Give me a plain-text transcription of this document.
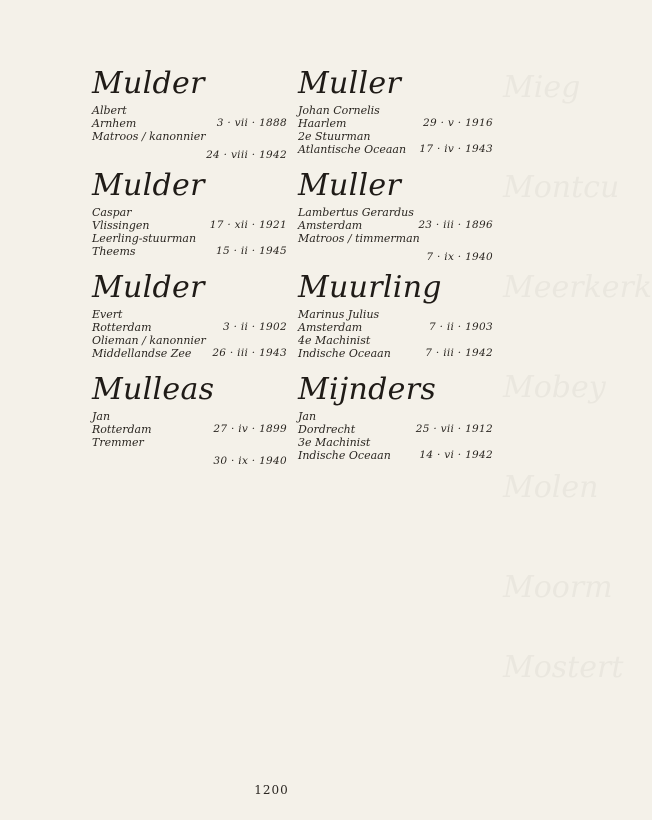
Mieg
Montcu
Meerkerk
Mobey
Molen
Moorm
Mostert
Mulder
Albert
Arnhem	3 · vii · 1888
Matroos / kanonnier
24 · viii · 1942
Mulder
Caspar
Vlissingen	17 · xii · 1921
Leerling-stuurman
Theems	15 · ii · 1945
Mulder
Evert
Rotterdam	3 · ii · 1902
Olieman / kanonnier
Middellandse Zee 26 · iii · 1943
Mulleas
Jan
Rotterdam	27 · iv · 1899
Tremmer
30 · ix · 1940
Muller
Johan Cornelis
Haarlem	29 · v · 1916
2e Stuurman
Atlantische Oceaan 17 · iv · 1943
Muller
Lambertus Gerardus
Amsterdam	23 · iii · 1896
Matroos / timmerman
7 · ix · 1940
Muurling
Marinus Julius
Amsterdam	7 · ii · 1903
4e Machinist
Indische Oceaan	7 · iii · 1942
Mijnders
Jan
Dordrecht	25 · vii · 1912
3e Machinist
Indische Oceaan	14 · vi · 1942
1200
